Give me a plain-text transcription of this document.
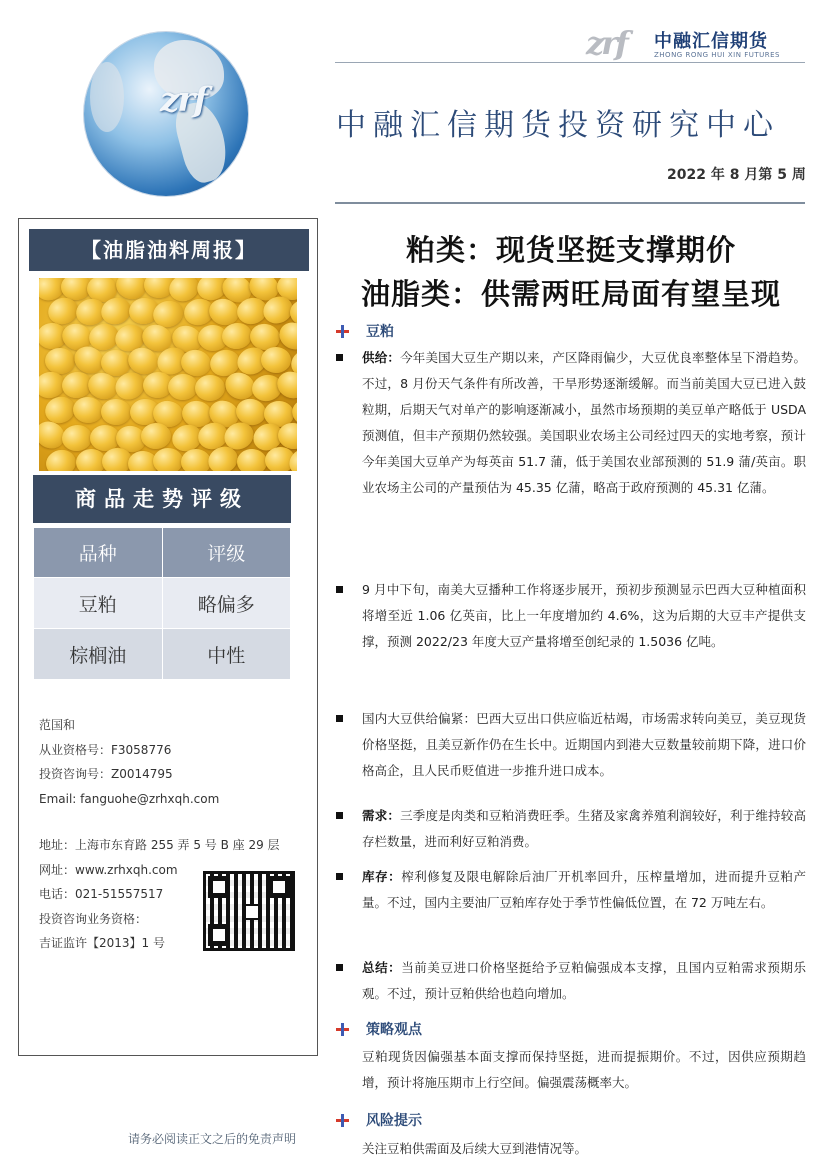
zrf
zrf 中融汇信期货
ZHONG RONG HUI XIN FUTURES
中融汇信期货投资研究中心
2022 年 8 月第 5 周
【油脂油料周报】
商品走势评级
品种	评级
豆粕	略偏多
棕榈油	中性
范国和
从业资格号：F3058776
投资咨询号：Z0014795
Email: fanguohe@zrhxqh.com
地址：上海市东育路 255 弄 5 号 B 座 29 层
网址：www.zrhxqh.com
电话：021-51557517
投资咨询业务资格：
吉证监许【2013】1 号
请务必阅读正文之后的免责声明
粕类：现货坚挺支撑期价
油脂类：供需两旺局面有望呈现
豆粕
供给：今年美国大豆生产期以来，产区降雨偏少，大豆优良率整体呈下滑趋势。不过，8 月份天气条件有所改善，干旱形势逐渐缓解。而当前美国大豆已进入鼓粒期，后期天气对单产的影响逐渐减小，虽然市场预期的美豆单产略低于 USDA 预测值，但丰产预期仍然较强。美国职业农场主公司经过四天的实地考察，预计今年美国大豆单产为每英亩 51.7 蒲，低于美国农业部预测的 51.9 蒲/英亩。职业农场主公司的产量预估为 45.35 亿蒲，略高于政府预测的 45.31 亿蒲。
9 月中下旬，南美大豆播种工作将逐步展开，预初步预测显示巴西大豆种植面积将增至近 1.06 亿英亩，比上一年度增加约 4.6%，这为后期的大豆丰产提供支撑，预测 2022/23 年度大豆产量将增至创纪录的 1.5036 亿吨。
国内大豆供给偏紧：巴西大豆出口供应临近枯竭，市场需求转向美豆，美豆现货价格坚挺，且美豆新作仍在生长中。近期国内到港大豆数量较前期下降，进口价格高企，且人民币贬值进一步推升进口成本。
需求：三季度是肉类和豆粕消费旺季。生猪及家禽养殖利润较好，利于维持较高存栏数量，进而利好豆粕消费。
库存：榨利修复及限电解除后油厂开机率回升，压榨量增加，进而提升豆粕产量。不过，国内主要油厂豆粕库存处于季节性偏低位置，在 72 万吨左右。
总结：当前美豆进口价格坚挺给予豆粕偏强成本支撑，且国内豆粕需求预期乐观。不过，预计豆粕供给也趋向增加。
策略观点
豆粕现货因偏强基本面支撑而保持坚挺，进而提振期价。不过，因供应预期趋增，预计将施压期市上行空间。偏强震荡概率大。
风险提示
关注豆粕供需面及后续大豆到港情况等。
